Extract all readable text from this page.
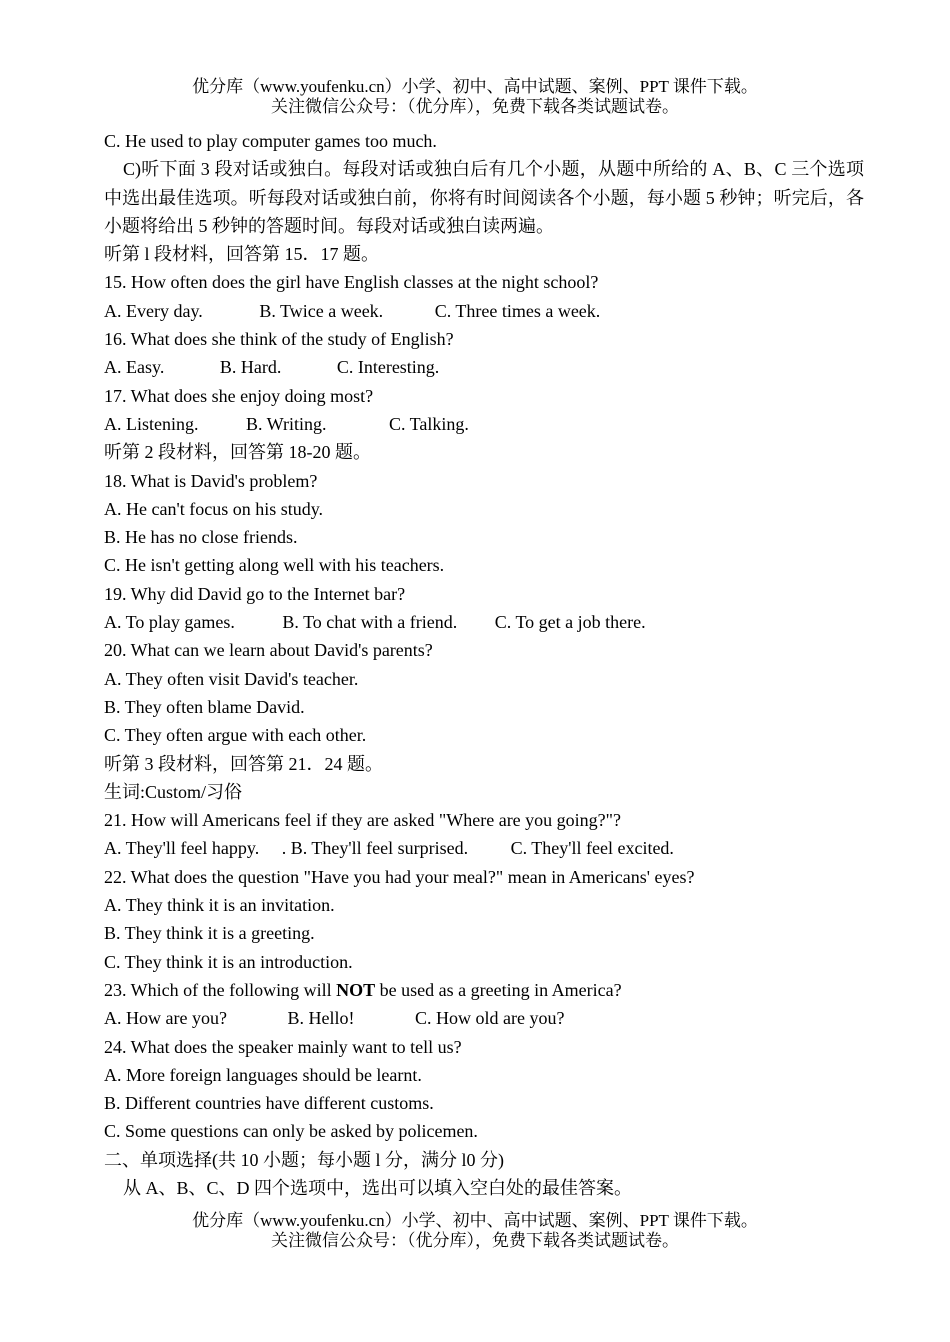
优分库（www.youfenku.cn）小学、初中、高中试题、案例、PPT 课件下载。
关注微信公众号：（优分库），免费下载各类试题试卷。
C. He used to play computer games too much.
C)听下面 3 段对话或独白。每段对话或独白后有几个小题，从题中所给的 A、B、C 三个选项中选出最佳选项。听每段对话或独白前，你将有时间阅读各个小题，每小题 5 秒钟；听完后，各小题将给出 5 秒钟的答题时间。每段对话或独白读两遍。
听第 l 段材料，回答第 15．17 题。
15. How often does the girl have English classes at the night school?
A. Every day.	B. Twice a week.	C. Three times a week.
16. What does she think of the study of English?
A. Easy.	B. Hard.	C. Interesting.
17. What does she enjoy doing most?
A. Listening.	B. Writing.	C. Talking.
听第 2 段材料，回答第 18-20 题。
18. What is David's problem?
A. He can't focus on his study.
B. He has no close friends.
C. He isn't getting along well with his teachers.
19. Why did David go to the Internet bar?
A. To play games.	B. To chat with a friend. C. To get a job there.
20. What can we learn about David's parents?
A. They often visit David's teacher.
B. They often blame David.
C. They often argue with each other.
听第 3 段材料，回答第 21．24 题。
生词:Custom/习俗
21. How will Americans feel if they are asked "Where are you going?"?
A. They'll feel happy. . B. They'll feel surprised. C. They'll feel excited.
22. What does the question "Have you had your meal?" mean in Americans' eyes?
A. They think it is an invitation.
B. They think it is a greeting.
C. They think it is an introduction.
23. Which of the following will NOT be used as a greeting in America?
A. How are you?	B. Hello!	C. How old are you?
24. What does the speaker mainly want to tell us?
A. More foreign languages should be learnt.
B. Different countries have different customs.
C. Some questions can only be asked by policemen.
二、单项选择(共 10 小题；每小题 l 分，满分 l0 分)
从 A、B、C、D 四个选项中，选出可以填入空白处的最佳答案。
优分库（www.youfenku.cn）小学、初中、高中试题、案例、PPT 课件下载。
关注微信公众号：（优分库），免费下载各类试题试卷。
